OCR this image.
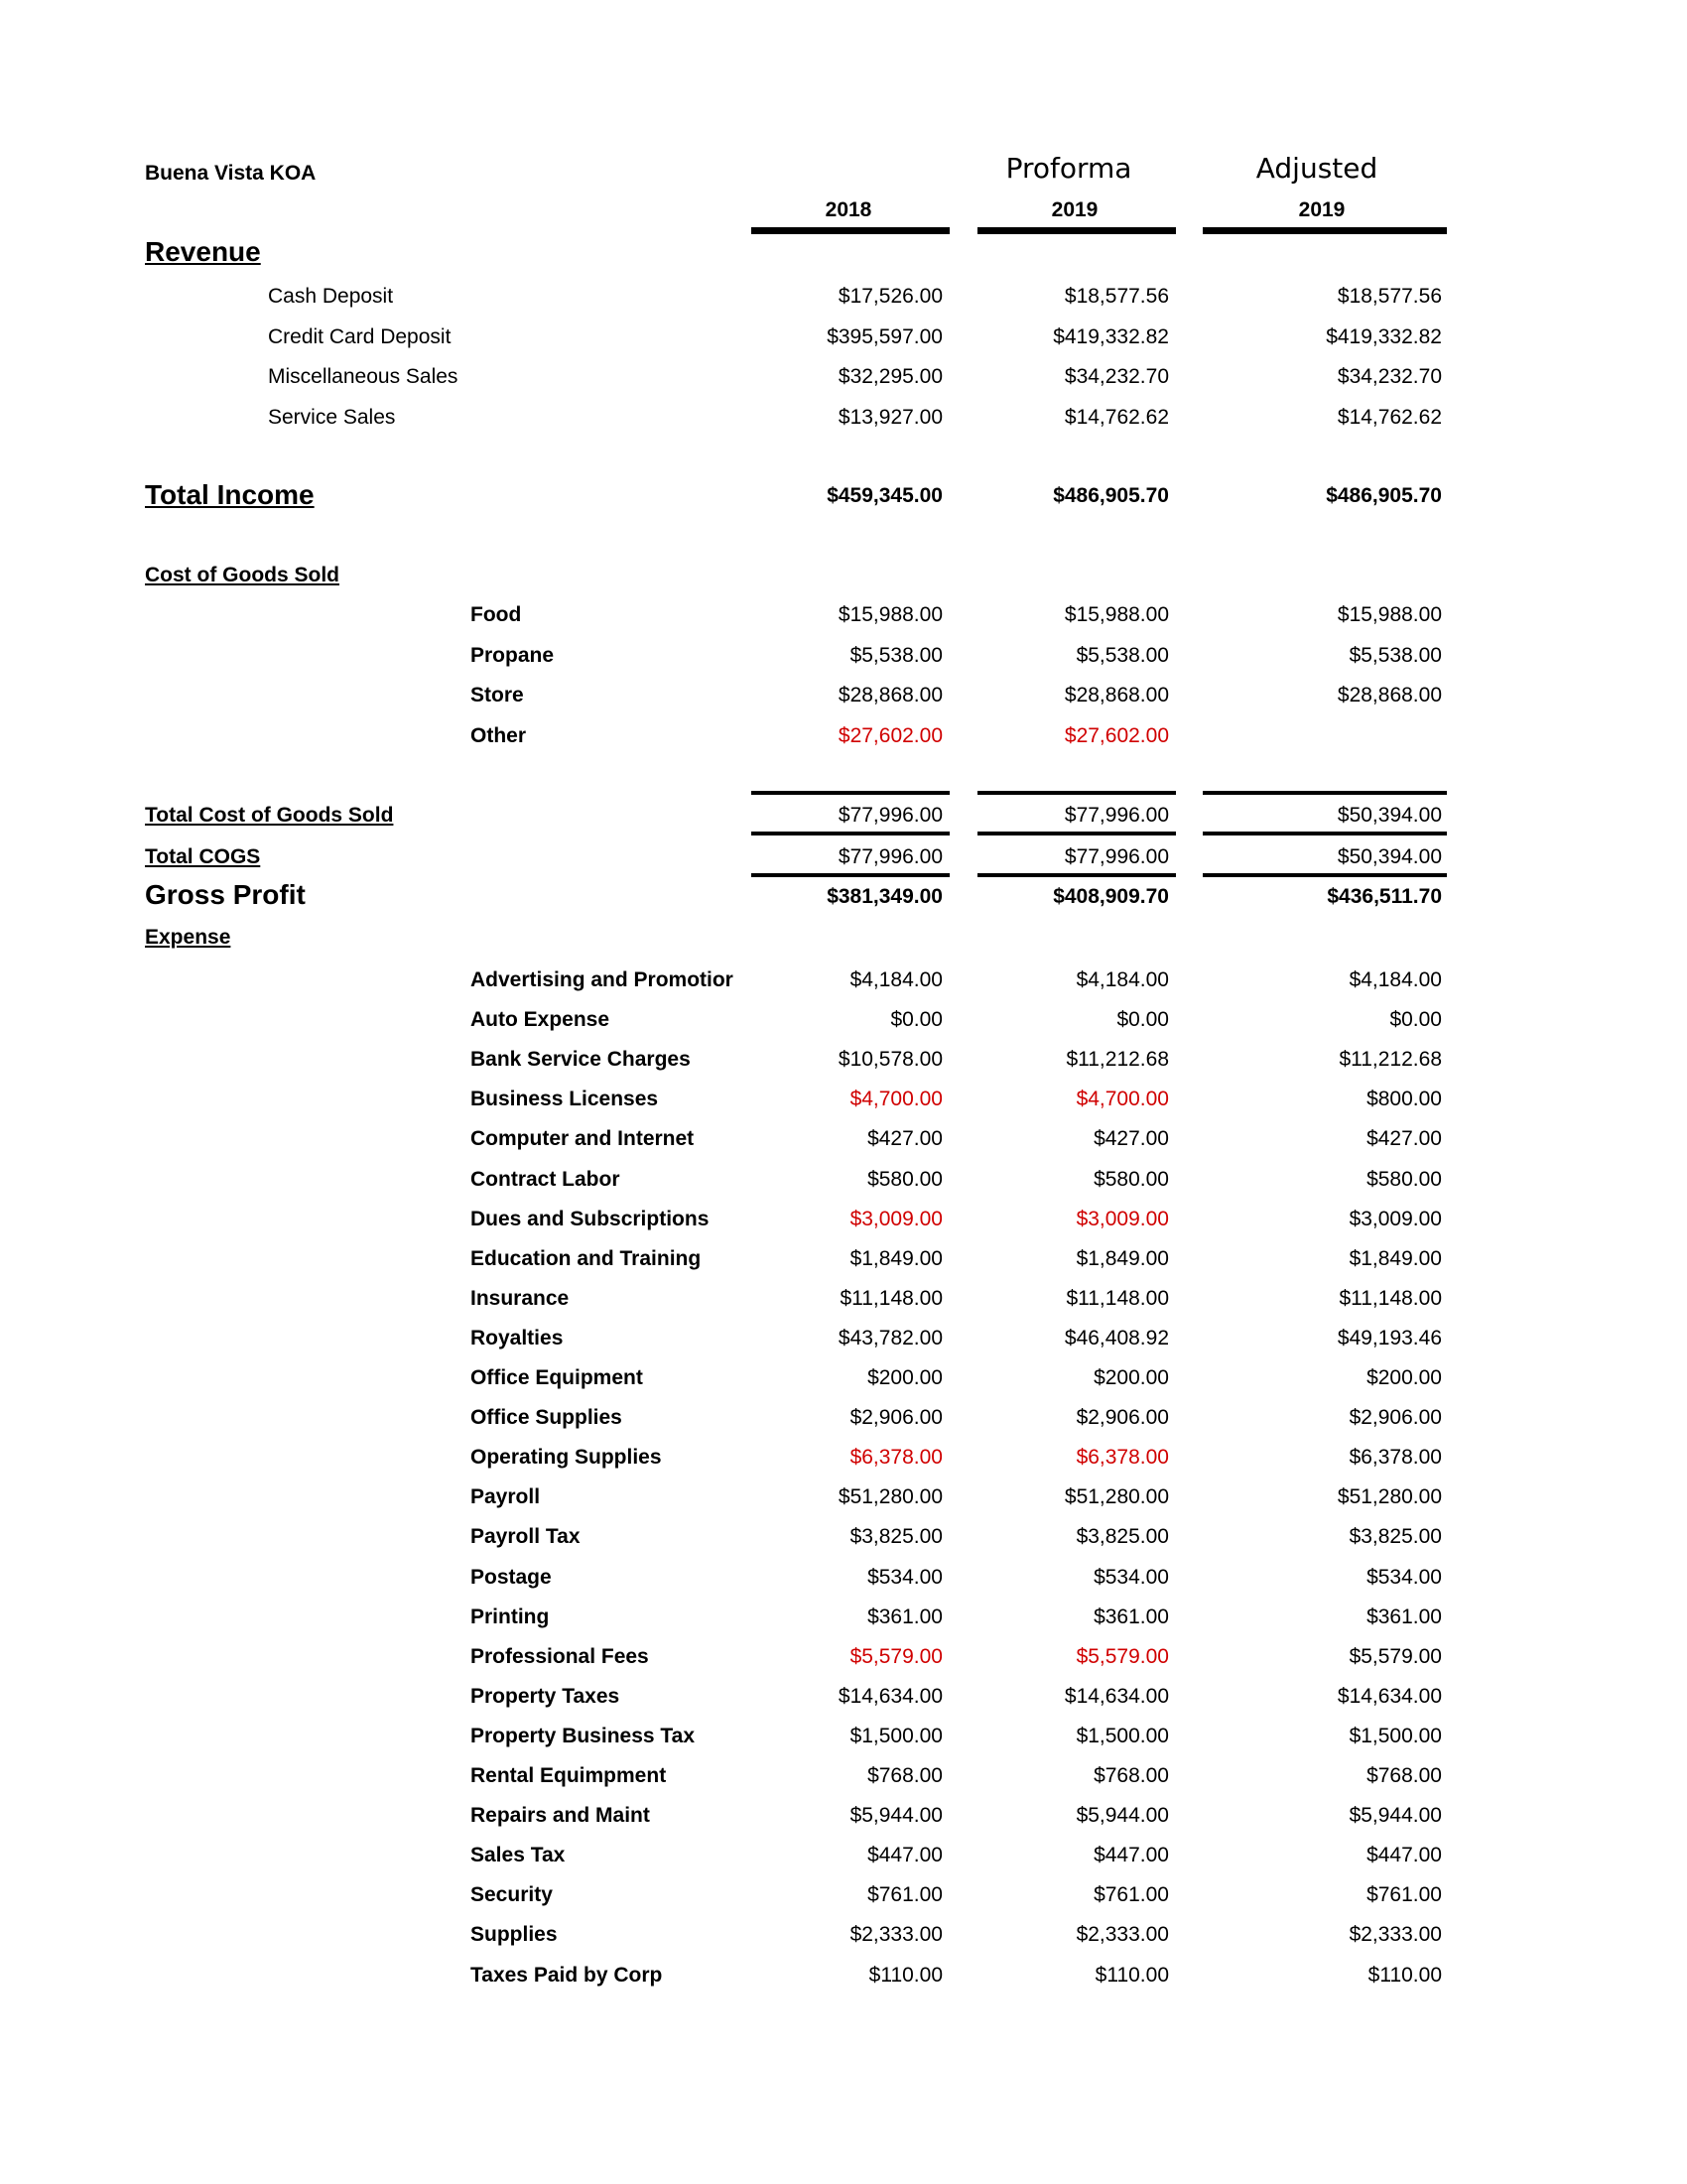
Buena Vista KOA	Proforma	Adjusted
2018	2019	2019
Revenue
Cash Deposit	$17,526.00	$18,577.56	$18,577.56
Credit Card Deposit	$395,597.00	$419,332.82	$419,332.82
Miscellaneous Sales	$32,295.00	$34,232.70	$34,232.70
Service Sales	$13,927.00	$14,762.62	$14,762.62
Total Income	$459,345.00	$486,905.70	$486,905.70
Cost of Goods Sold
Food	$15,988.00	$15,988.00	$15,988.00
Propane	$5,538.00	$5,538.00	$5,538.00
Store	$28,868.00	$28,868.00	$28,868.00
Other	$27,602.00	$27,602.00
Total Cost of Goods Sold	$77,996.00	$77,996.00	$50,394.00
Total COGS	$77,996.00	$77,996.00	$50,394.00
Gross Profit	$381,349.00	$408,909.70	$436,511.70
Expense
Advertising and Promotior	$4,184.00	$4,184.00	$4,184.00
Auto Expense	$0.00	$0.00	$0.00
Bank Service Charges	$10,578.00	$11,212.68	$11,212.68
Business Licenses	$4,700.00	$4,700.00	$800.00
Computer and Internet	$427.00	$427.00	$427.00
Contract Labor	$580.00	$580.00	$580.00
Dues and Subscriptions	$3,009.00	$3,009.00	$3,009.00
Education and Training	$1,849.00	$1,849.00	$1,849.00
Insurance	$11,148.00	$11,148.00	$11,148.00
Royalties	$43,782.00	$46,408.92	$49,193.46
Office Equipment	$200.00	$200.00	$200.00
Office Supplies	$2,906.00	$2,906.00	$2,906.00
Operating Supplies	$6,378.00	$6,378.00	$6,378.00
Payroll	$51,280.00	$51,280.00	$51,280.00
Payroll Tax	$3,825.00	$3,825.00	$3,825.00
Postage	$534.00	$534.00	$534.00
Printing	$361.00	$361.00	$361.00
Professional Fees	$5,579.00	$5,579.00	$5,579.00
Property Taxes	$14,634.00	$14,634.00	$14,634.00
Property Business Tax	$1,500.00	$1,500.00	$1,500.00
Rental Equimpment	$768.00	$768.00	$768.00
Repairs and Maint	$5,944.00	$5,944.00	$5,944.00
Sales Tax	$447.00	$447.00	$447.00
Security	$761.00	$761.00	$761.00
Supplies	$2,333.00	$2,333.00	$2,333.00
Taxes Paid by Corp	$110.00	$110.00	$110.00
